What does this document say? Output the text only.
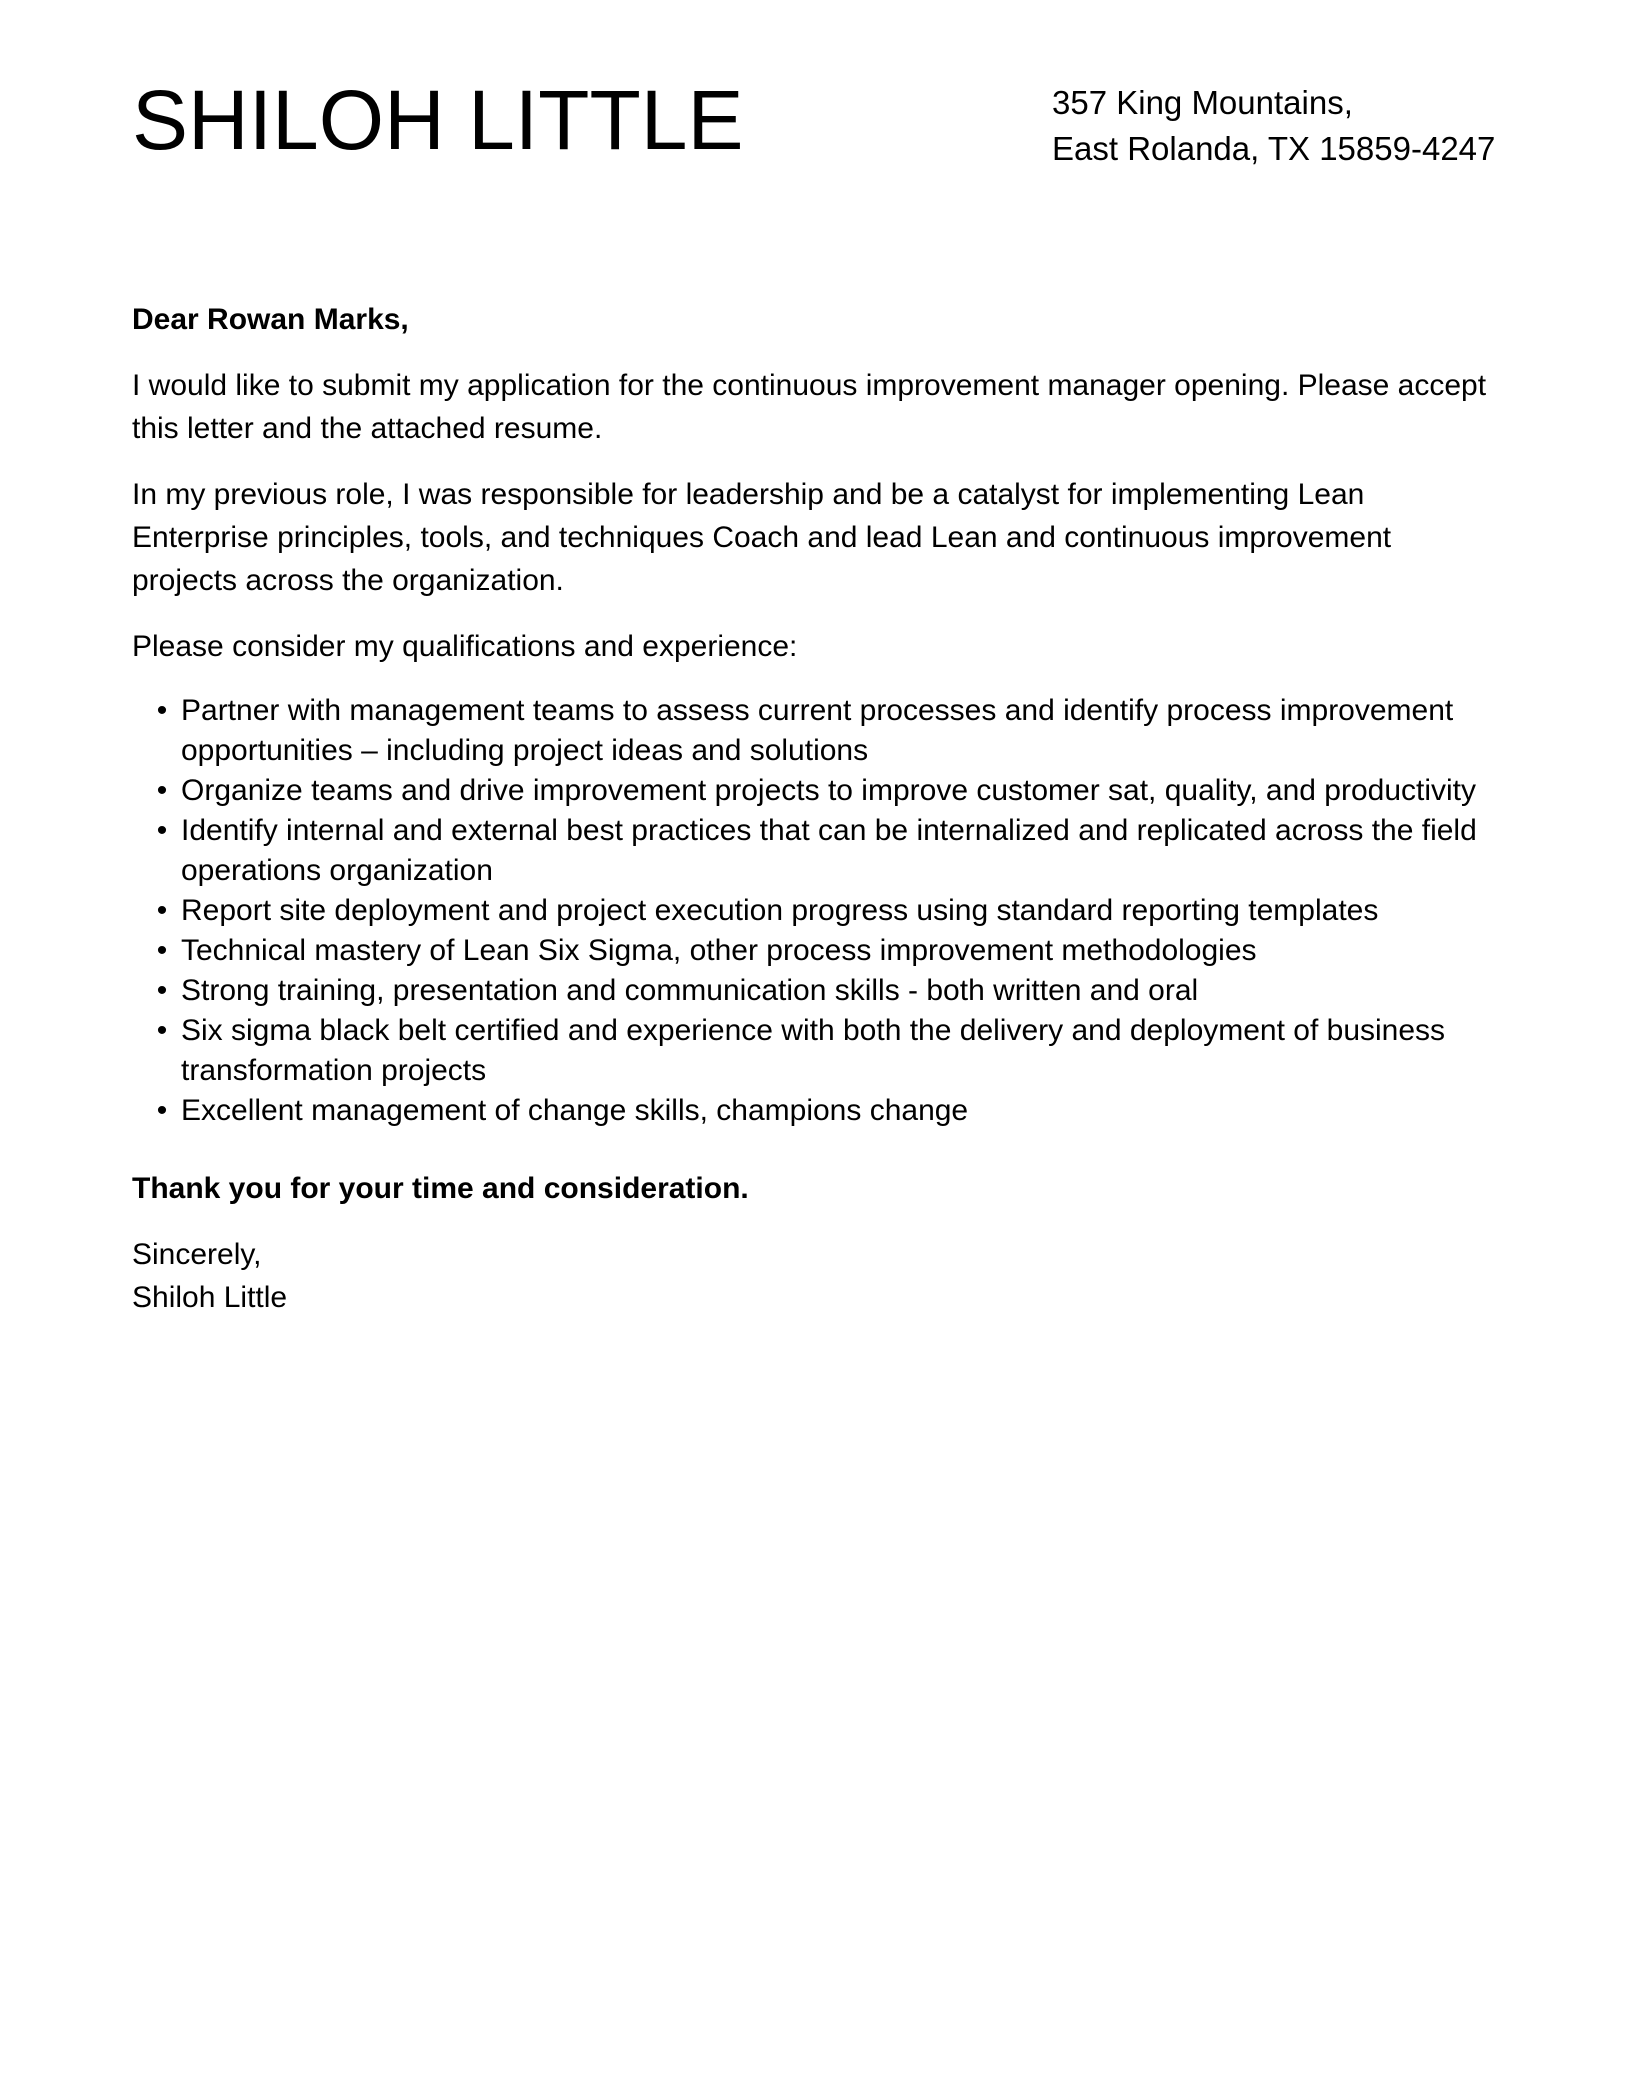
SHILOH LITTLE	357 King Mountains,
East Rolanda, TX 15859-4247

Dear Rowan Marks,

I would like to submit my application for the continuous improvement manager opening. Please accept this letter and the attached resume.

In my previous role, I was responsible for leadership and be a catalyst for implementing Lean Enterprise principles, tools, and techniques Coach and lead Lean and continuous improvement projects across the organization.

Please consider my qualifications and experience:

• Partner with management teams to assess current processes and identify process improvement opportunities – including project ideas and solutions
• Organize teams and drive improvement projects to improve customer sat, quality, and productivity
• Identify internal and external best practices that can be internalized and replicated across the field operations organization
• Report site deployment and project execution progress using standard reporting templates
• Technical mastery of Lean Six Sigma, other process improvement methodologies
• Strong training, presentation and communication skills - both written and oral
• Six sigma black belt certified and experience with both the delivery and deployment of business transformation projects
• Excellent management of change skills, champions change

Thank you for your time and consideration.

Sincerely,
Shiloh Little
